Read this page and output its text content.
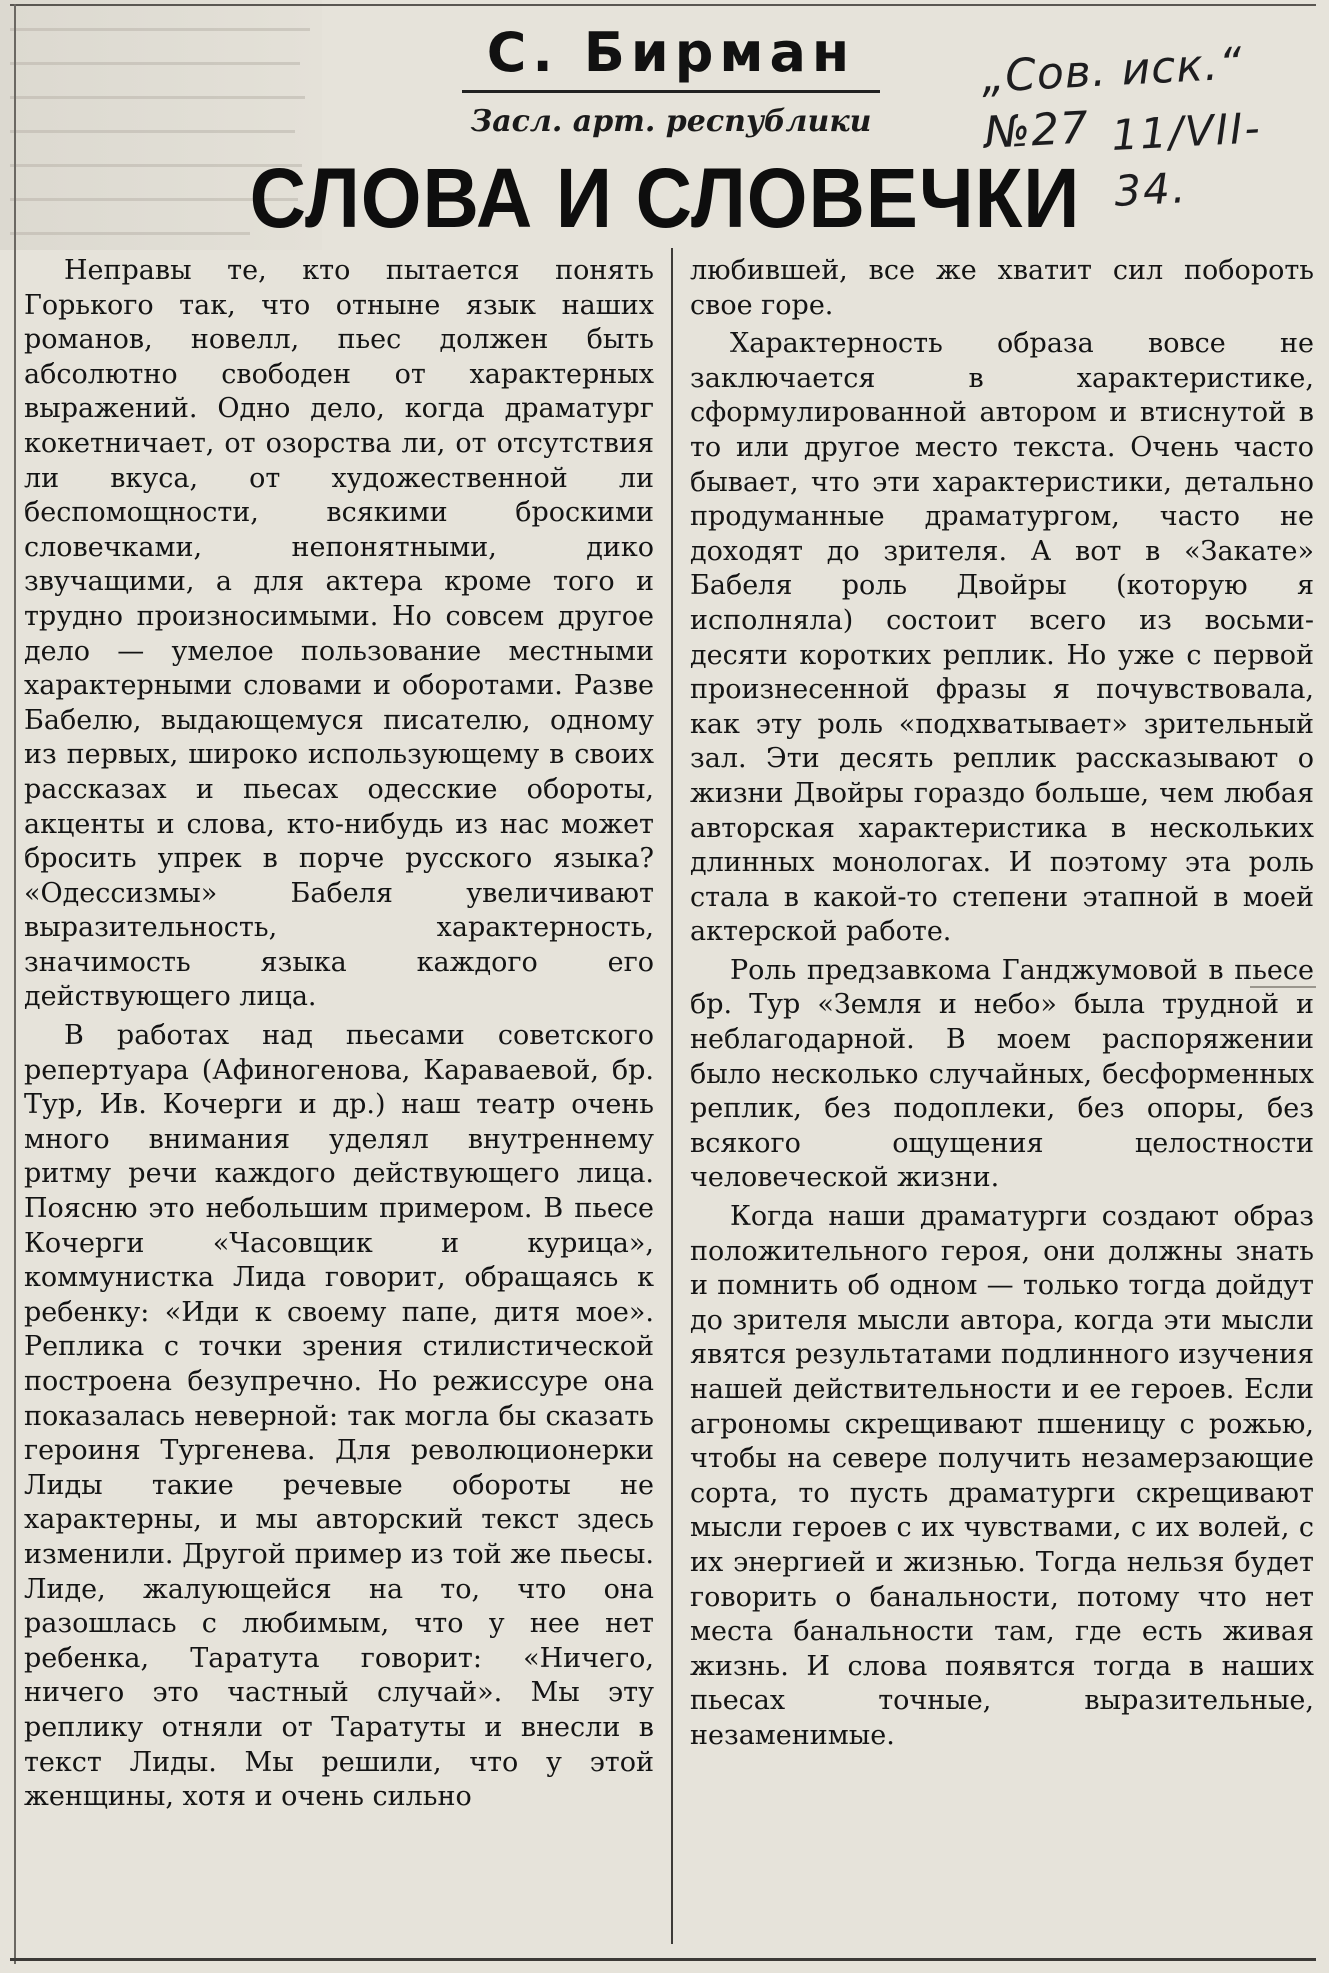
С. Бирман
Засл. арт. республики
СЛОВА И СЛОВЕЧКИ
„Сов. иск.“ №27 11/VII-34.

Неправы те, кто пытается понять Горького так, что отныне язык наших романов, новелл, пьес должен быть абсолютно свободен от характерных выражений. Одно дело, когда драматург кокетничает, от озорства ли, от отсутствия ли вкуса, от художественной ли беспомощности, всякими броскими словечками, непонятными, дико звучащими, а для актера кроме того и трудно произносимыми. Но совсем другое дело — умелое пользование местными характерными словами и оборотами. Разве Бабелю, выдающемуся писателю, одному из первых, широко использующему в своих рассказах и пьесах одесские обороты, акценты и слова, кто-нибудь из нас может бросить упрек в порче русского языка? «Одессизмы» Бабеля увеличивают выразительность, характерность, значимость языка каждого его действующего лица.

В работах над пьесами советского репертуара (Афиногенова, Караваевой, бр. Тур, Ив. Кочерги и др.) наш театр очень много внимания уделял внутреннему ритму речи каждого действующего лица. Поясню это небольшим примером. В пьесе Кочерги «Часовщик и курица», коммунистка Лида говорит, обращаясь к ребенку: «Иди к своему папе, дитя мое». Реплика с точки зрения стилистической построена безупречно. Но режиссуре она показалась неверной: так могла бы сказать героиня Тургенева. Для революционерки Лиды такие речевые обороты не характерны, и мы авторский текст здесь изменили. Другой пример из той же пьесы. Лиде, жалующейся на то, что она разошлась с любимым, что у нее нет ребенка, Таратута говорит: «Ничего, ничего это частный случай». Мы эту реплику отняли от Таратуты и внесли в текст Лиды. Мы решили, что у этой женщины, хотя и очень сильно

любившей, все же хватит сил побороть свое горе.

Характерность образа вовсе не заключается в характеристике, сформулированной автором и втиснутой в то или другое место текста. Очень часто бывает, что эти характеристики, детально продуманные драматургом, часто не доходят до зрителя. А вот в «Закате» Бабеля роль Двойры (которую я исполняла) состоит всего из восьми-десяти коротких реплик. Но уже с первой произнесенной фразы я почувствовала, как эту роль «подхватывает» зрительный зал. Эти десять реплик рассказывают о жизни Двойры гораздо больше, чем любая авторская характеристика в нескольких длинных монологах. И поэтому эта роль стала в какой-то степени этапной в моей актерской работе.

Роль предзавкома Ганджумовой в пьесе бр. Тур «Земля и небо» была трудной и неблагодарной. В моем распоряжении было несколько случайных, бесформенных реплик, без подоплеки, без опоры, без всякого ощущения целостности человеческой жизни.

Когда наши драматурги создают образ положительного героя, они должны знать и помнить об одном — только тогда дойдут до зрителя мысли автора, когда эти мысли явятся результатами подлинного изучения нашей действительности и ее героев. Если агрономы скрещивают пшеницу с рожью, чтобы на севере получить незамерзающие сорта, то пусть драматурги скрещивают мысли героев с их чувствами, с их волей, с их энергией и жизнью. Тогда нельзя будет говорить о банальности, потому что нет места банальности там, где есть живая жизнь. И слова появятся тогда в наших пьесах точные, выразительные, незаменимые.
